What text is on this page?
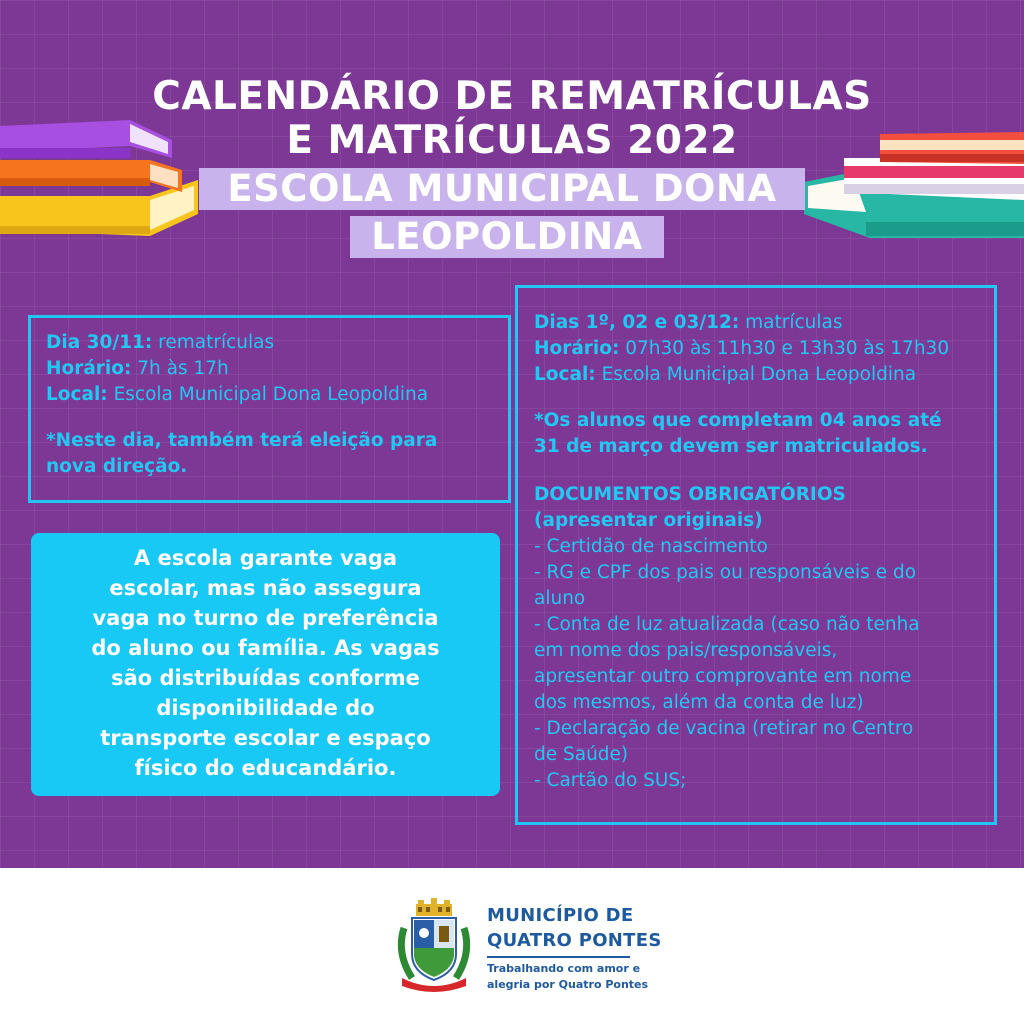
CALENDÁRIO DE REMATRÍCULAS
E MATRÍCULAS 2022
ESCOLA MUNICIPAL DONA
LEOPOLDINA
Dia 30/11: rematrículas
Horário: 7h às 17h
Local: Escola Municipal Dona Leopoldina
*Neste dia, também terá eleição para
nova direção.
A escola garante vaga
escolar, mas não assegura
vaga no turno de preferência
do aluno ou família. As vagas
são distribuídas conforme
disponibilidade do
transporte escolar e espaço
físico do educandário.
Dias 1º, 02 e 03/12: matrículas
Horário: 07h30 às 11h30 e 13h30 às 17h30
Local: Escola Municipal Dona Leopoldina
*Os alunos que completam 04 anos até
31 de março devem ser matriculados.
DOCUMENTOS OBRIGATÓRIOS
(apresentar originais)
- Certidão de nascimento
- RG e CPF dos pais ou responsáveis e do
aluno
- Conta de luz atualizada (caso não tenha
em nome dos pais/responsáveis,
apresentar outro comprovante em nome
dos mesmos, além da conta de luz)
- Declaração de vacina (retirar no Centro
de Saúde)
- Cartão do SUS;
MUNICÍPIO DE
QUATRO PONTES
Trabalhando com amor e
alegria por Quatro Pontes
